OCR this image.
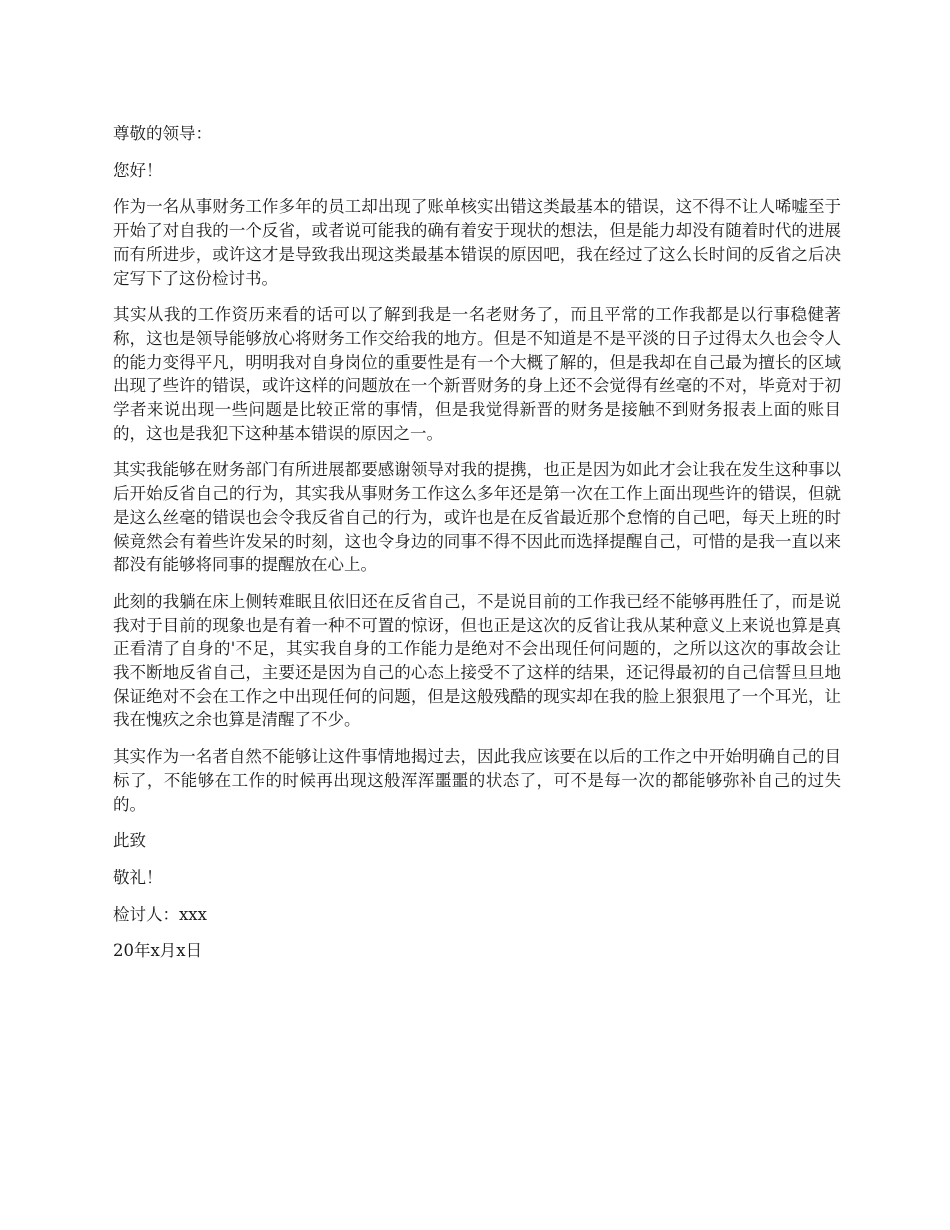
尊敬的领导：

您好！

作为一名从事财务工作多年的员工却出现了账单核实出错这类最基本的错误，这不得不让人唏嘘至于开始了对自我的一个反省，或者说可能我的确有着安于现状的想法，但是能力却没有随着时代的进展而有所进步，或许这才是导致我出现这类最基本错误的原因吧，我在经过了这么长时间的反省之后决定写下了这份检讨书。

其实从我的工作资历来看的话可以了解到我是一名老财务了，而且平常的工作我都是以行事稳健著称，这也是领导能够放心将财务工作交给我的地方。但是不知道是不是平淡的日子过得太久也会令人的能力变得平凡，明明我对自身岗位的重要性是有一个大概了解的，但是我却在自己最为擅长的区域出现了些许的错误，或许这样的问题放在一个新晋财务的身上还不会觉得有丝毫的不对，毕竟对于初学者来说出现一些问题是比较正常的事情，但是我觉得新晋的财务是接触不到财务报表上面的账目的，这也是我犯下这种基本错误的原因之一。

其实我能够在财务部门有所进展都要感谢领导对我的提携，也正是因为如此才会让我在发生这种事以后开始反省自己的行为，其实我从事财务工作这么多年还是第一次在工作上面出现些许的错误，但就是这么丝毫的错误也会令我反省自己的行为，或许也是在反省最近那个怠惰的自己吧，每天上班的时候竟然会有着些许发呆的时刻，这也令身边的同事不得不因此而选择提醒自己，可惜的是我一直以来都没有能够将同事的提醒放在心上。

此刻的我躺在床上侧转难眠且依旧还在反省自己，不是说目前的工作我已经不能够再胜任了，而是说我对于目前的现象也是有着一种不可置的惊讶，但也正是这次的反省让我从某种意义上来说也算是真正看清了自身的'不足，其实我自身的工作能力是绝对不会出现任何问题的，之所以这次的事故会让我不断地反省自己，主要还是因为自己的心态上接受不了这样的结果，还记得最初的自己信誓旦旦地保证绝对不会在工作之中出现任何的问题，但是这般残酷的现实却在我的脸上狠狠甩了一个耳光，让我在愧疚之余也算是清醒了不少。

其实作为一名者自然不能够让这件事情地揭过去，因此我应该要在以后的工作之中开始明确自己的目标了，不能够在工作的时候再出现这般浑浑噩噩的状态了，可不是每一次的都能够弥补自己的过失的。

此致

敬礼！

检讨人：xxx

20年x月x日
